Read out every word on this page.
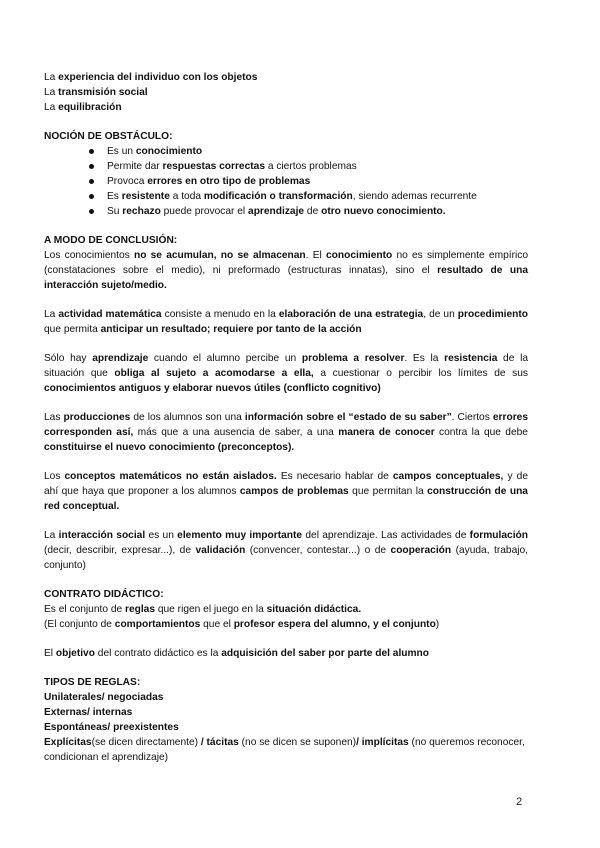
La experiencia del individuo con los objetos
La transmisión social
La equilibración
NOCIÓN DE OBSTÁCULO:
Es un conocimiento
Permite dar respuestas correctas a ciertos problemas
Provoca errores en otro tipo de problemas
Es resistente a toda modificación o transformación, siendo ademas recurrente
Su rechazo puede provocar el aprendizaje de otro nuevo conocimiento.
A MODO DE CONCLUSIÓN:
Los conocimientos no se acumulan, no se almacenan. El conocimiento no es simplemente empírico (constataciones sobre el medio), ni preformado (estructuras innatas), sino el resultado de una interacción sujeto/medio.
La actividad matemática consiste a menudo en la elaboración de una estrategia, de un procedimiento que permita anticipar un resultado; requiere por tanto de la acción
Sólo hay aprendizaje cuando el alumno percibe un problema a resolver. Es la resistencia de la situación que obliga al sujeto a acomodarse a ella, a cuestionar o percibir los límites de sus conocimientos antiguos y elaborar nuevos útiles (conflicto cognitivo)
Las producciones de los alumnos son una información sobre el “estado de su saber”. Ciertos errores corresponden así, más que a una ausencia de saber, a una manera de conocer contra la que debe constituirse el nuevo conocimiento (preconceptos).
Los conceptos matemáticos no están aislados. Es necesario hablar de campos conceptuales, y de ahí que haya que proponer a los alumnos campos de problemas que permitan la construcción de una red conceptual.
La interacción social es un elemento muy importante del aprendizaje. Las actividades de formulación (decir, describir, expresar...), de validación (convencer, contestar...) o de cooperación (ayuda, trabajo, conjunto)
CONTRATO DIDÁCTICO:
Es el conjunto de reglas que rigen el juego en la situación didáctica.
(El conjunto de comportamientos que el profesor espera del alumno, y el conjunto)
El objetivo del contrato didáctico es la adquisición del saber por parte del alumno
TIPOS DE REGLAS:
Unilaterales/ negociadas
Externas/ internas
Espontáneas/ preexistentes
Explícitas(se dicen directamente) / tácitas (no se dicen se suponen)/ implícitas (no queremos reconocer, condicionan el aprendizaje)
2
